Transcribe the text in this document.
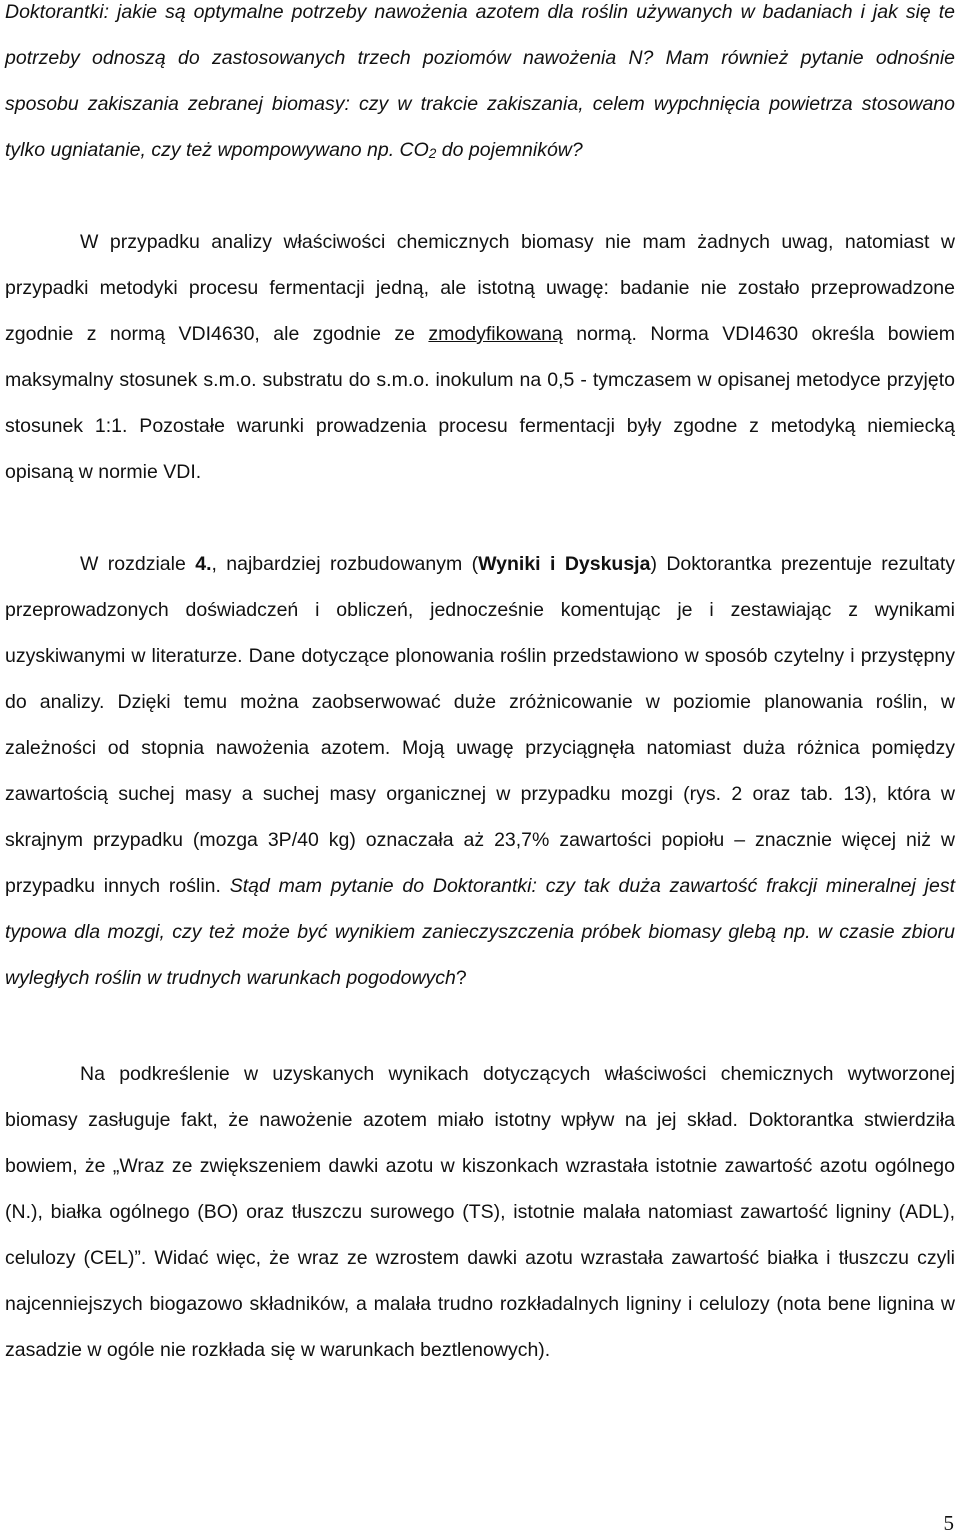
Doktorantki: jakie są optymalne potrzeby nawożenia azotem dla roślin używanych w badaniach i jak się te potrzeby odnoszą do zastosowanych trzech poziomów nawożenia N? Mam również pytanie odnośnie sposobu zakiszania zebranej biomasy: czy w trakcie zakiszania, celem wypchnięcia powietrza stosowano tylko ugniatanie, czy też wpompowywano np. $CO_2$ do pojemników?

W przypadku analizy właściwości chemicznych biomasy nie mam żadnych uwag, natomiast w przypadki metodyki procesu fermentacji jedną, ale istotną uwagę: badanie nie zostało przeprowadzone zgodnie z normą VDI4630, ale zgodnie ze zmodyfikowaną normą. Norma VDI4630 określa bowiem maksymalny stosunek s.m.o. substratu do s.m.o. inokulum na 0,5 - tymczasem w opisanej metodyce przyjęto stosunek 1:1. Pozostałe warunki prowadzenia procesu fermentacji były zgodne z metodyką niemiecką opisaną w normie VDI.

W rozdziale 4., najbardziej rozbudowanym (Wyniki i Dyskusja) Doktorantka prezentuje rezultaty przeprowadzonych doświadczeń i obliczeń, jednocześnie komentując je i zestawiając z wynikami uzyskiwanymi w literaturze. Dane dotyczące plonowania roślin przedstawiono w sposób czytelny i przystępny do analizy. Dzięki temu można zaobserwować duże zróżnicowanie w poziomie planowania roślin, w zależności od stopnia nawożenia azotem. Moją uwagę przyciągnęła natomiast duża różnica pomiędzy zawartością suchej masy a suchej masy organicznej w przypadku mozgi (rys. 2 oraz tab. 13), która w skrajnym przypadku (mozga 3P/40 kg) oznaczała aż 23,7% zawartości popiołu – znacznie więcej niż w przypadku innych roślin. Stąd mam pytanie do Doktorantki: czy tak duża zawartość frakcji mineralnej jest typowa dla mozgi, czy też może być wynikiem zanieczyszczenia próbek biomasy glebą np. w czasie zbioru wyległych roślin w trudnych warunkach pogodowych?

Na podkreślenie w uzyskanych wynikach dotyczących właściwości chemicznych wytworzonej biomasy zasługuje fakt, że nawożenie azotem miało istotny wpływ na jej skład. Doktorantka stwierdziła bowiem, że „Wraz ze zwiększeniem dawki azotu w kiszonkach wzrastała istotnie zawartość azotu ogólnego (N.), białka ogólnego (BO) oraz tłuszczu surowego (TS), istotnie malała natomiast zawartość ligniny (ADL), celulozy (CEL)”. Widać więc, że wraz ze wzrostem dawki azotu wzrastała zawartość białka i tłuszczu czyli najcenniejszych biogazowo składników, a malała trudno rozkładalnych ligniny i celulozy (nota bene lignina w zasadzie w ogóle nie rozkłada się w warunkach beztlenowych).

5
